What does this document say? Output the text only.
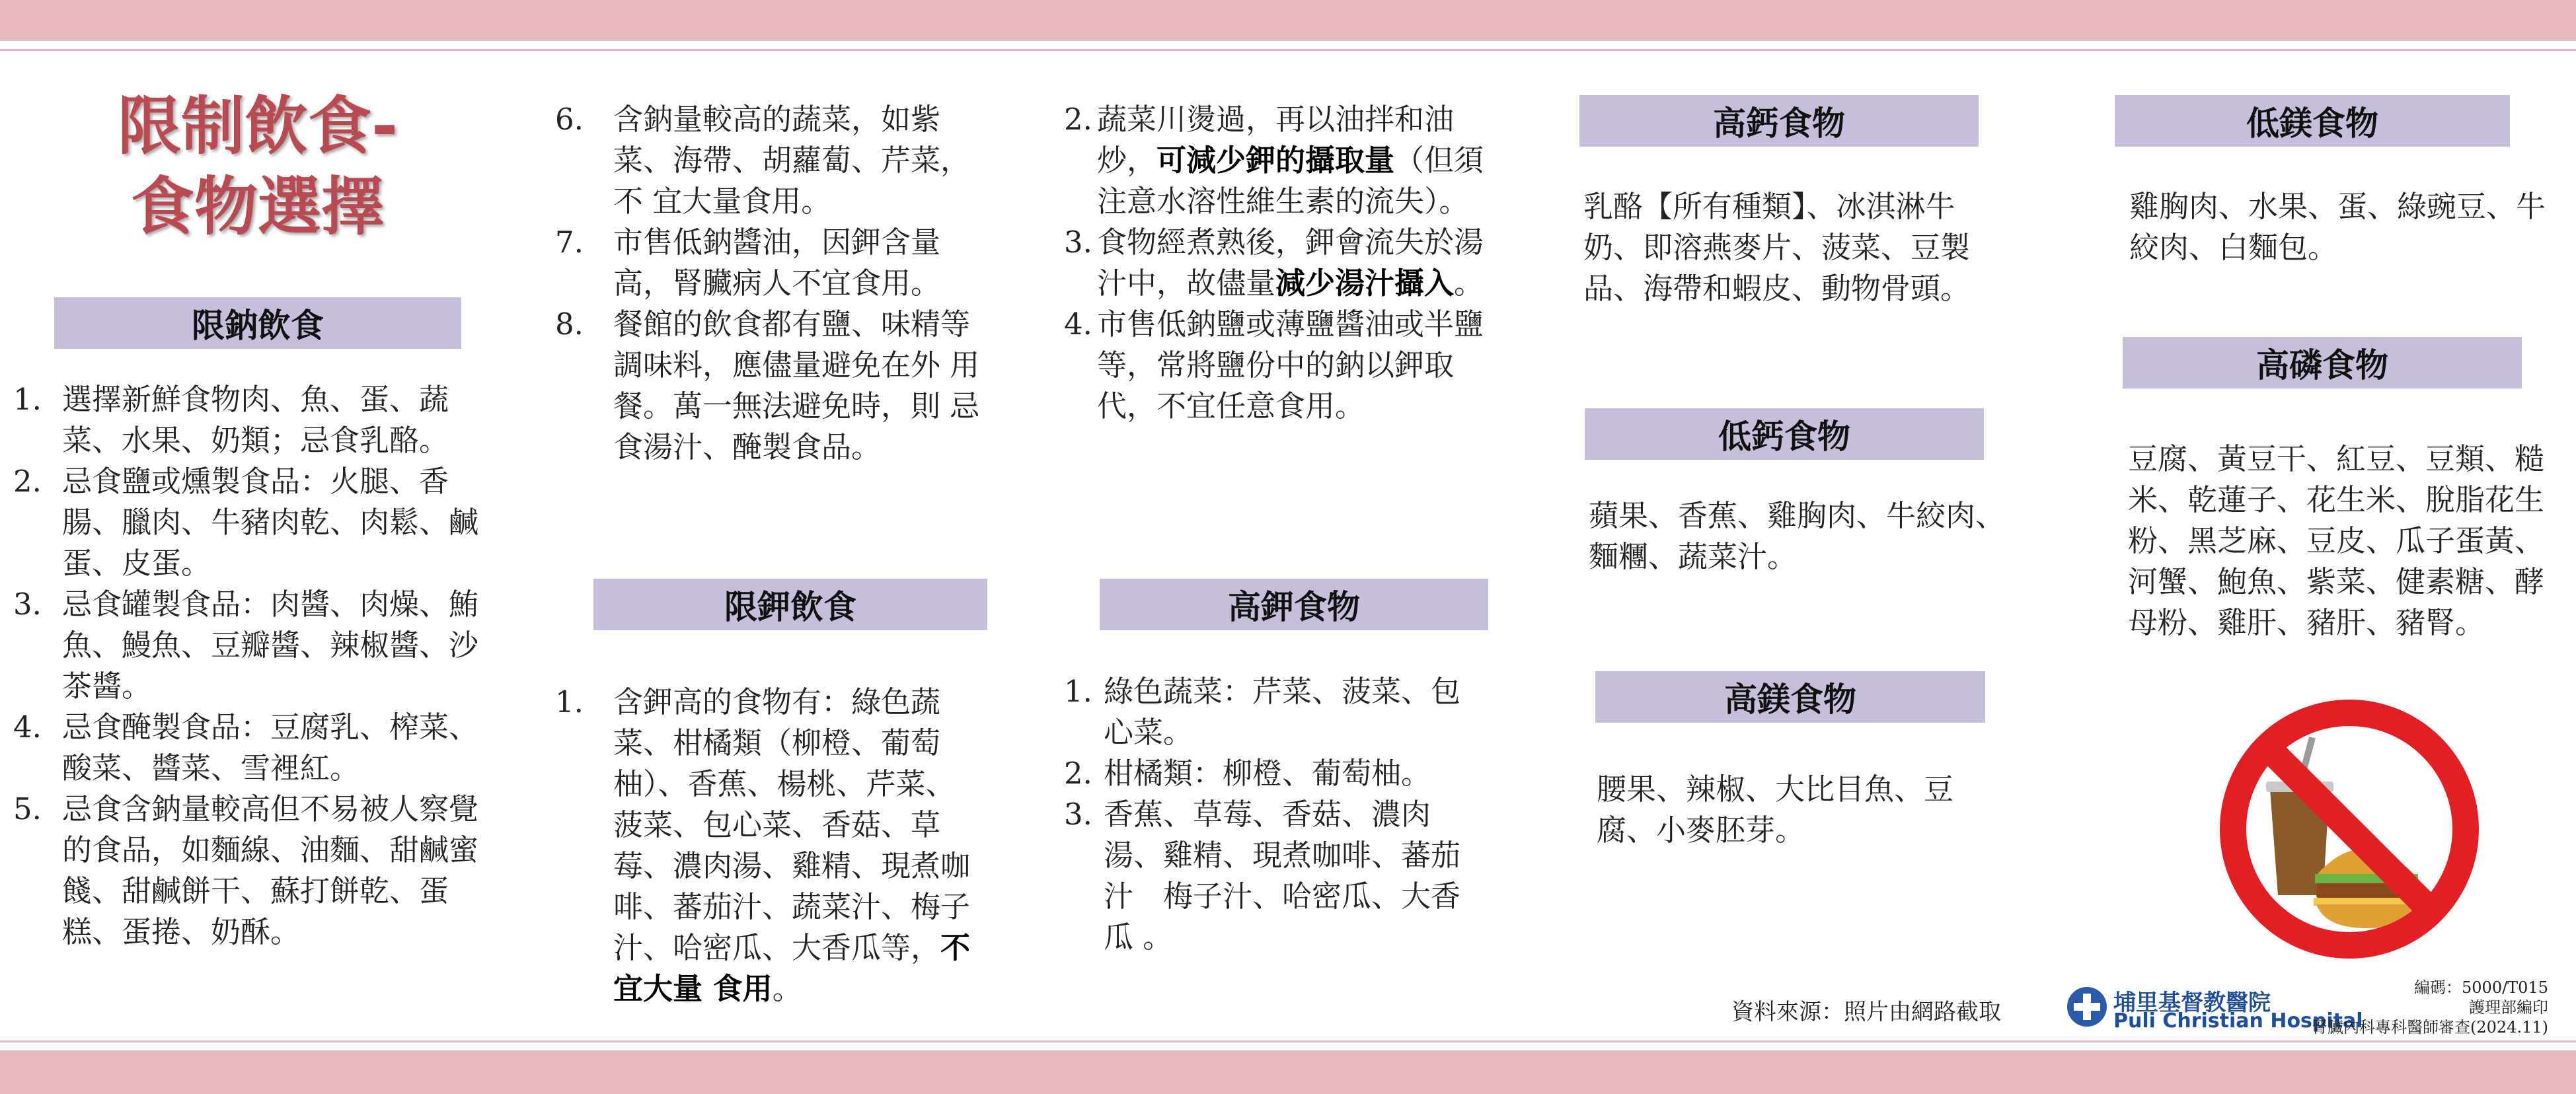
限制飲食-
食物選擇
限鈉飲食
1. 選擇新鮮食物肉、魚、蛋、蔬菜、水果、奶類；忌食乳酪。
2. 忌食鹽或燻製食品：火腿、香腸、臘肉、牛豬肉乾、肉鬆、鹹蛋、皮蛋。
3. 忌食罐製食品：肉醬、肉燥、鮪魚、鰻魚、豆瓣醬、辣椒醬、沙茶醬。
4. 忌食醃製食品：豆腐乳、榨菜、酸菜、醬菜、雪裡紅。
5. 忌食含鈉量較高但不易被人察覺的食品，如麵線、油麵、甜鹹蜜餞、甜鹹餅干、蘇打餅乾、蛋糕、蛋捲、奶酥。
6. 含鈉量較高的蔬菜，如紫菜、海帶、胡蘿蔔、芹菜，不 宜大量食用。
7. 市售低鈉醬油，因鉀含量高，腎臟病人不宜食用。
8. 餐館的飲食都有鹽、味精等調味料，應儘量避免在外 用餐。萬一無法避免時，則 忌食湯汁、醃製食品。
限鉀飲食
1. 含鉀高的食物有：綠色蔬菜、柑橘類（柳橙、葡萄柚）、香蕉、楊桃、芹菜、菠菜、包心菜、香菇、草莓、濃肉湯、雞精、現煮咖啡、蕃茄汁、蔬菜汁、梅子汁、哈密瓜、大香瓜等，不宜大量 食用。
2. 蔬菜川燙過，再以油拌和油炒，可減少鉀的攝取量（但須注意水溶性維生素的流失）。
3. 食物經煮熟後，鉀會流失於湯汁中，故儘量減少湯汁攝入。
4. 市售低鈉鹽或薄鹽醬油或半鹽等，常將鹽份中的鈉以鉀取代，不宜任意食用。
高鉀食物
1. 綠色蔬菜：芹菜、菠菜、包心菜。
2. 柑橘類：柳橙、葡萄柚。
3. 香蕉、草莓、香菇、濃肉湯、雞精、現煮咖啡、蕃茄汁　梅子汁、哈密瓜、大香瓜 。
高鈣食物
乳酪【所有種類】、冰淇淋牛奶、即溶燕麥片、菠菜、豆製品、海帶和蝦皮、動物骨頭。
低鈣食物
蘋果、香蕉、雞胸肉、牛絞肉、麵糰、蔬菜汁。
高鎂食物
腰果、辣椒、大比目魚、豆腐、小麥胚芽。
低鎂食物
雞胸肉、水果、蛋、綠豌豆、牛絞肉、白麵包。
高磷食物
豆腐、黃豆干、紅豆、豆類、糙米、乾蓮子、花生米、脫脂花生粉、黑芝麻、豆皮、瓜子蛋黃、河蟹、鮑魚、紫菜、健素糖、酵母粉、雞肝、豬肝、豬腎。
資料來源：照片由網路截取	埔里基督教醫院
Puli Christian Hospital
編碼：5000/T015
護理部編印
腎臟內科專科醫師審查(2024.11)
